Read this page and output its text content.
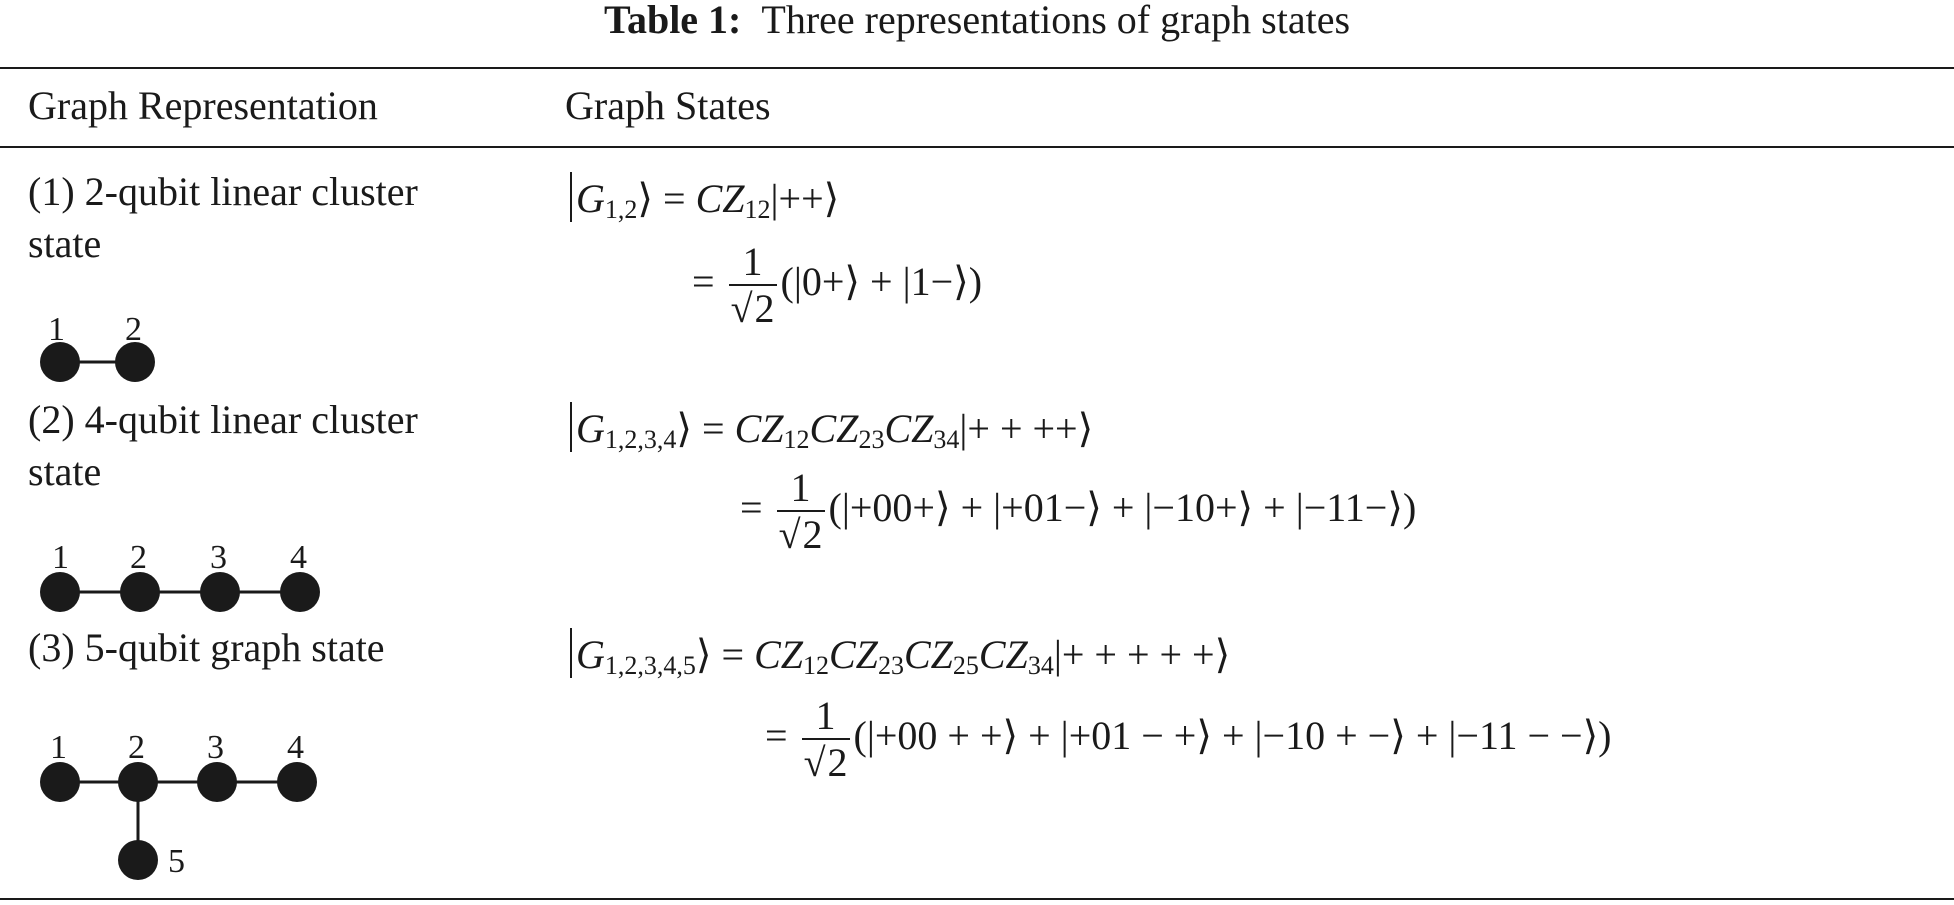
Table 1: Three representations of graph states
Graph Representation	Graph States
(1) 2-qubit linear cluster
state
1 2
$G_{1,2}⟩$ = $CZ_{12}|++⟩$
= $\frac{1}{√2}$ (|0+⟩ + |1−⟩)
(2) 4-qubit linear cluster
state
1 2 3 4
$G_{1,2,3,4}⟩ = CZ_{12}CZ_{23}CZ_{34}|+$ + ++⟩
= $\frac{1}{√2}$ (|+00+⟩ + |+01−⟩ + |−10+⟩ + |−11−⟩)
(3) 5-qubit graph state
1 2 3 4
5
$G_{1,2,3,4,5}⟩ = CZ_{12}CZ_{23}CZ_{25}CZ_{34}|+$ + + + +⟩
= $\frac{1}{√2} (|+00$ + +⟩ + |+01 − +⟩ + |−10 + −⟩ + |−11 − −⟩)
